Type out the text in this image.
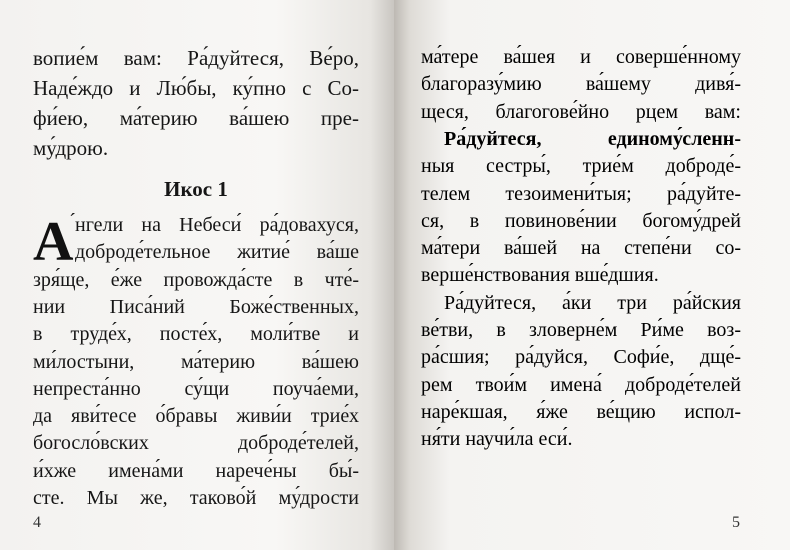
вопие́м вам: Ра́дуйтеся, Ве́ро,
Наде́ждо и Лю́бы, ку́пно с Со-
фи́ею, ма́терию ва́шею пре-
му́дрою.
Икос 1
А ́нгели на Небеси́ ра́довахуся,
доброде́тельное житие́ ва́ше
зря́ще, е́же провожда́сте в чте́-
нии Писа́ний Боже́ственных,
в труде́х, посте́х, моли́тве и
ми́лостыни, ма́терию ва́шею
непреста́нно су́щи поуча́еми,
да яви́тесе о́бравы живи́и трие́х
богосло́вских доброде́телей,
и́хже имена́ми нарече́ны бы́-
сте. Мы же, таково́й му́дрости
ма́тере ва́шея и соверше́нному
благоразу́мию ва́шему дивя́-
щеся, благогове́йно рцем вам:
Ра́дуйтеся, единому́сленн-
ныя сестры́, трие́м доброде́-
телем тезоимени́тыя; ра́дуйте-
ся, в повинове́нии богому́дрей
ма́тери ва́шей на степе́ни со-
верше́нствования вше́дшия.
Ра́дуйтеся, а́ки три ра́йския
ве́тви, в зловерне́м Ри́ме воз-
ра́сшия; ра́дуйся, Софи́е, дще́-
рем твои́м имена́ доброде́телей
наре́кшая, я́же ве́щию испол-
ня́ти научи́ла еси́.
4	5
